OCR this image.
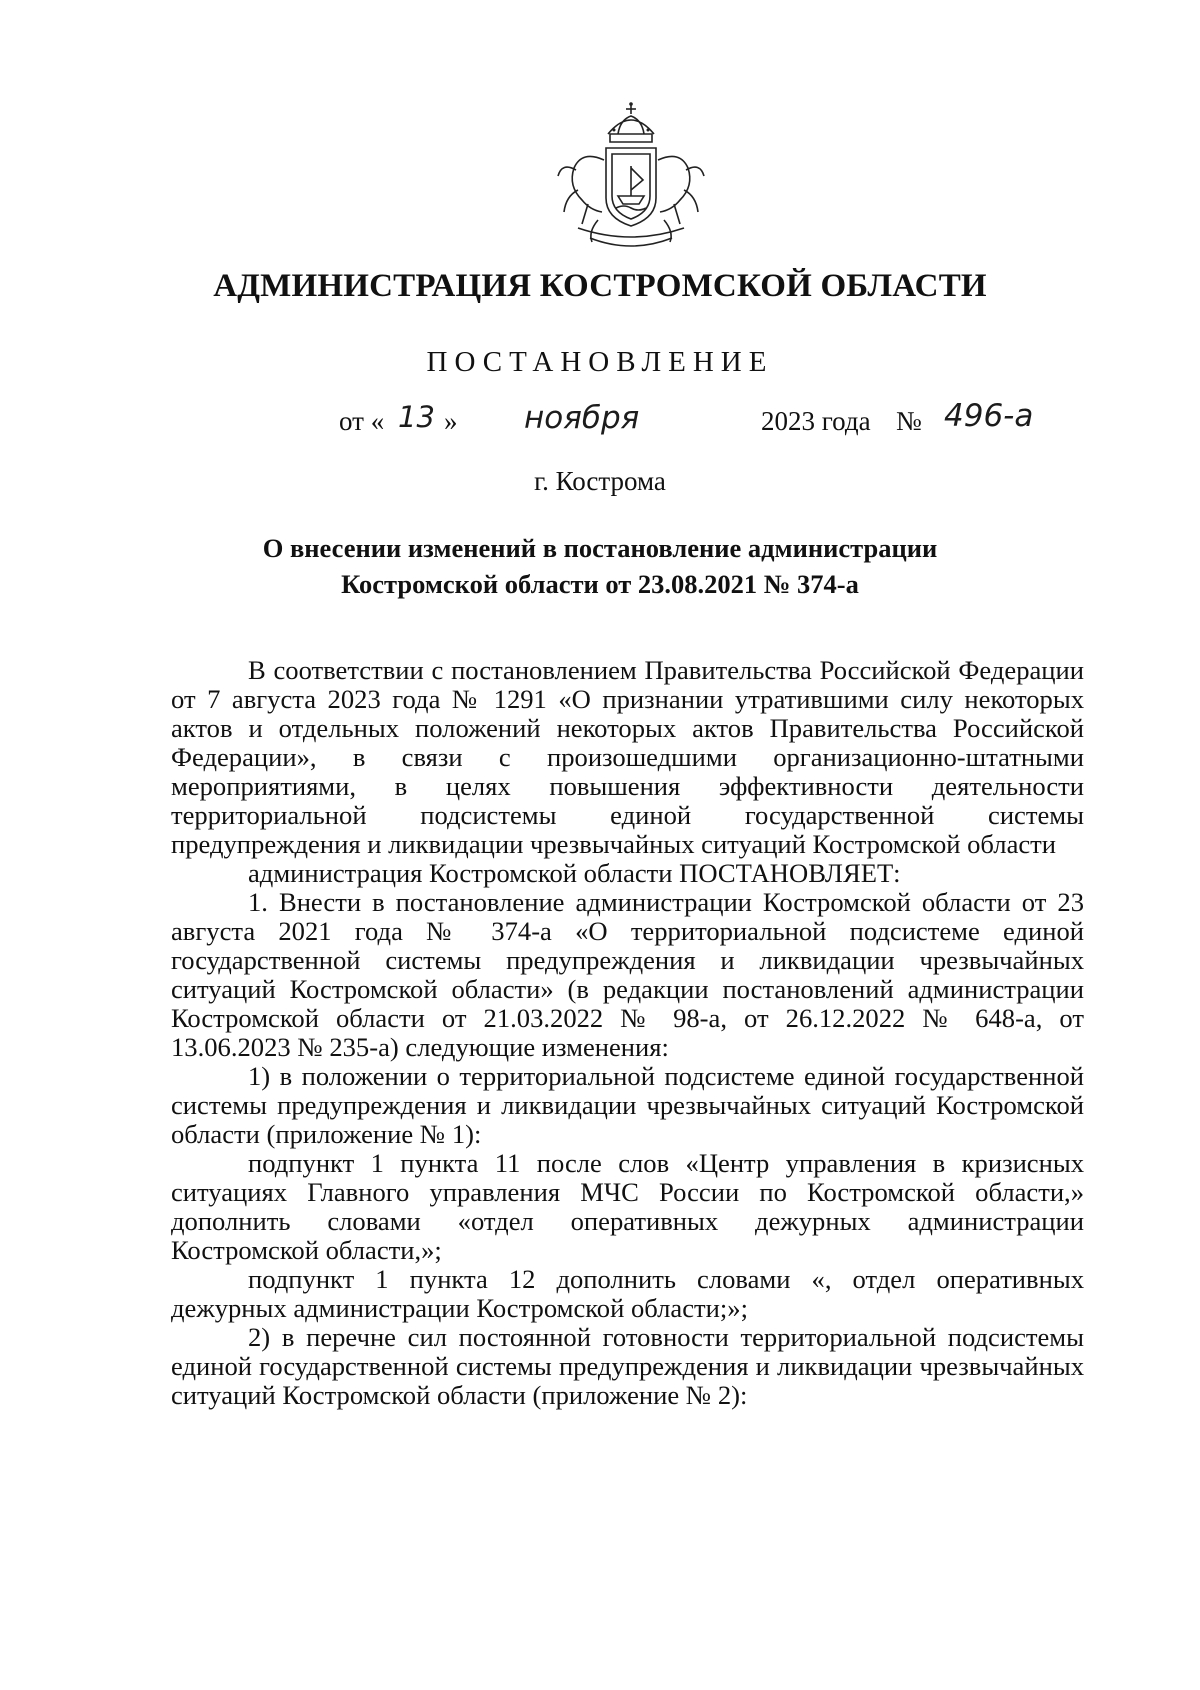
АДМИНИСТРАЦИЯ КОСТРОМСКОЙ ОБЛАСТИ
ПОСТАНОВЛЕНИЕ
от « 13 » ноября	2023 года № 496-а
г. Кострома
О внесении изменений в постановление администрации
Костромской области от 23.08.2021 № 374-а

В соответствии с постановлением Правительства Российской Федерации от 7 августа 2023 года № 1291 «О признании утратившими силу некоторых актов и отдельных положений некоторых актов Правительства Российской Федерации», в связи с произошедшими организационно-штатными мероприятиями, в целях повышения эффективности деятельности территориальной подсистемы единой государственной системы предупреждения и ликвидации чрезвычайных ситуаций Костромской области

администрация Костромской области ПОСТАНОВЛЯЕТ:

1. Внести в постановление администрации Костромской области от 23 августа 2021 года № 374-а «О территориальной подсистеме единой государственной системы предупреждения и ликвидации чрезвычайных ситуаций Костромской области» (в редакции постановлений администрации Костромской области от 21.03.2022 № 98-а, от 26.12.2022 № 648-а, от 13.06.2023 № 235-а) следующие изменения:

1) в положении о территориальной подсистеме единой государственной системы предупреждения и ликвидации чрезвычайных ситуаций Костромской области (приложение № 1):

подпункт 1 пункта 11 после слов «Центр управления в кризисных ситуациях Главного управления МЧС России по Костромской области,» дополнить словами «отдел оперативных дежурных администрации Костромской области,»;

подпункт 1 пункта 12 дополнить словами «, отдел оперативных дежурных администрации Костромской области;»;

2) в перечне сил постоянной готовности территориальной подсистемы единой государственной системы предупреждения и ликвидации чрезвычайных ситуаций Костромской области (приложение № 2):
